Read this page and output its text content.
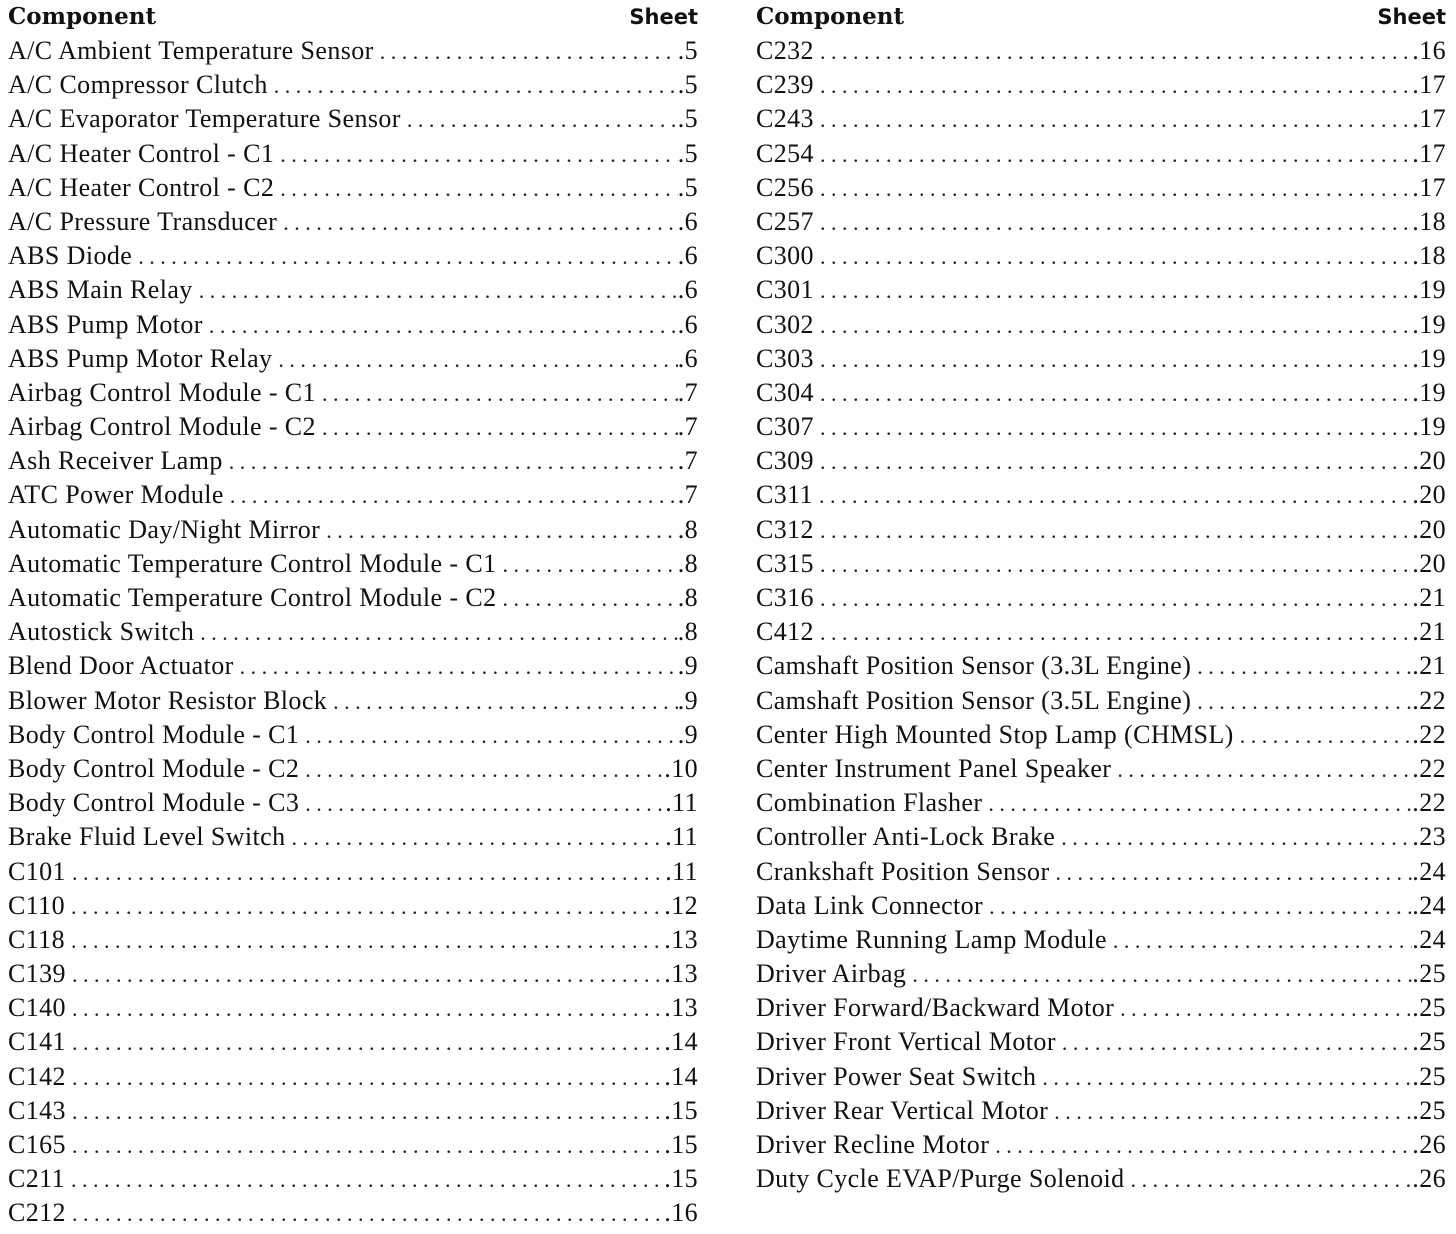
Component	Sheet
A/C Ambient Temperature Sensor . . .	.5
A/C Compressor Clutch . . .	.5
A/C Evaporator Temperature Sensor . . .	.5
A/C Heater Control - C1 . . .	.5
A/C Heater Control - C2 . . .	.5
A/C Pressure Transducer . . .	.6
ABS Diode . . .	.6
ABS Main Relay . . .	.6
ABS Pump Motor . . .	.6
ABS Pump Motor Relay . . .	.6
Airbag Control Module - C1 . . .	.7
Airbag Control Module - C2 . . .	.7
Ash Receiver Lamp . . .	.7
ATC Power Module . . .	.7
Automatic Day/Night Mirror . . .	.8
Automatic Temperature Control Module - C1 . . .	.8
Automatic Temperature Control Module - C2 . . .	.8
Autostick Switch . . .	.8
Blend Door Actuator . . .	.9
Blower Motor Resistor Block . . .	.9
Body Control Module - C1 . . .	.9
Body Control Module - C2 . . .	.10
Body Control Module - C3 . . .	.11
Brake Fluid Level Switch . . .	.11
C101 . . .	.11
C110 . . .	.12
C118 . . .	.13
C139 . . .	.13
C140 . . .	.13
C141 . . .	.14
C142 . . .	.14
C143 . . .	.15
C165 . . .	.15
C211 . . .	.15
C212 . . .	.16
Component	Sheet
C232 . . .	.16
C239 . . .	.17
C243 . . .	.17
C254 . . .	.17
C256 . . .	.17
C257 . . .	.18
C300 . . .	.18
C301 . . .	.19
C302 . . .	.19
C303 . . .	.19
C304 . . .	.19
C307 . . .	.19
C309 . . .	.20
C311 . . .	.20
C312 . . .	.20
C315 . . .	.20
C316 . . .	.21
C412 . . .	.21
Camshaft Position Sensor (3.3L Engine) . . .	.21
Camshaft Position Sensor (3.5L Engine) . . .	.22
Center High Mounted Stop Lamp (CHMSL) . . .	.22
Center Instrument Panel Speaker . . .	.22
Combination Flasher . . .	.22
Controller Anti-Lock Brake . . .	.23
Crankshaft Position Sensor . . .	.24
Data Link Connector . . .	.24
Daytime Running Lamp Module . . .	.24
Driver Airbag . . .	.25
Driver Forward/Backward Motor . . .	.25
Driver Front Vertical Motor . . .	.25
Driver Power Seat Switch . . .	.25
Driver Rear Vertical Motor . . .	.25
Driver Recline Motor . . .	.26
Duty Cycle EVAP/Purge Solenoid . . .	.26
